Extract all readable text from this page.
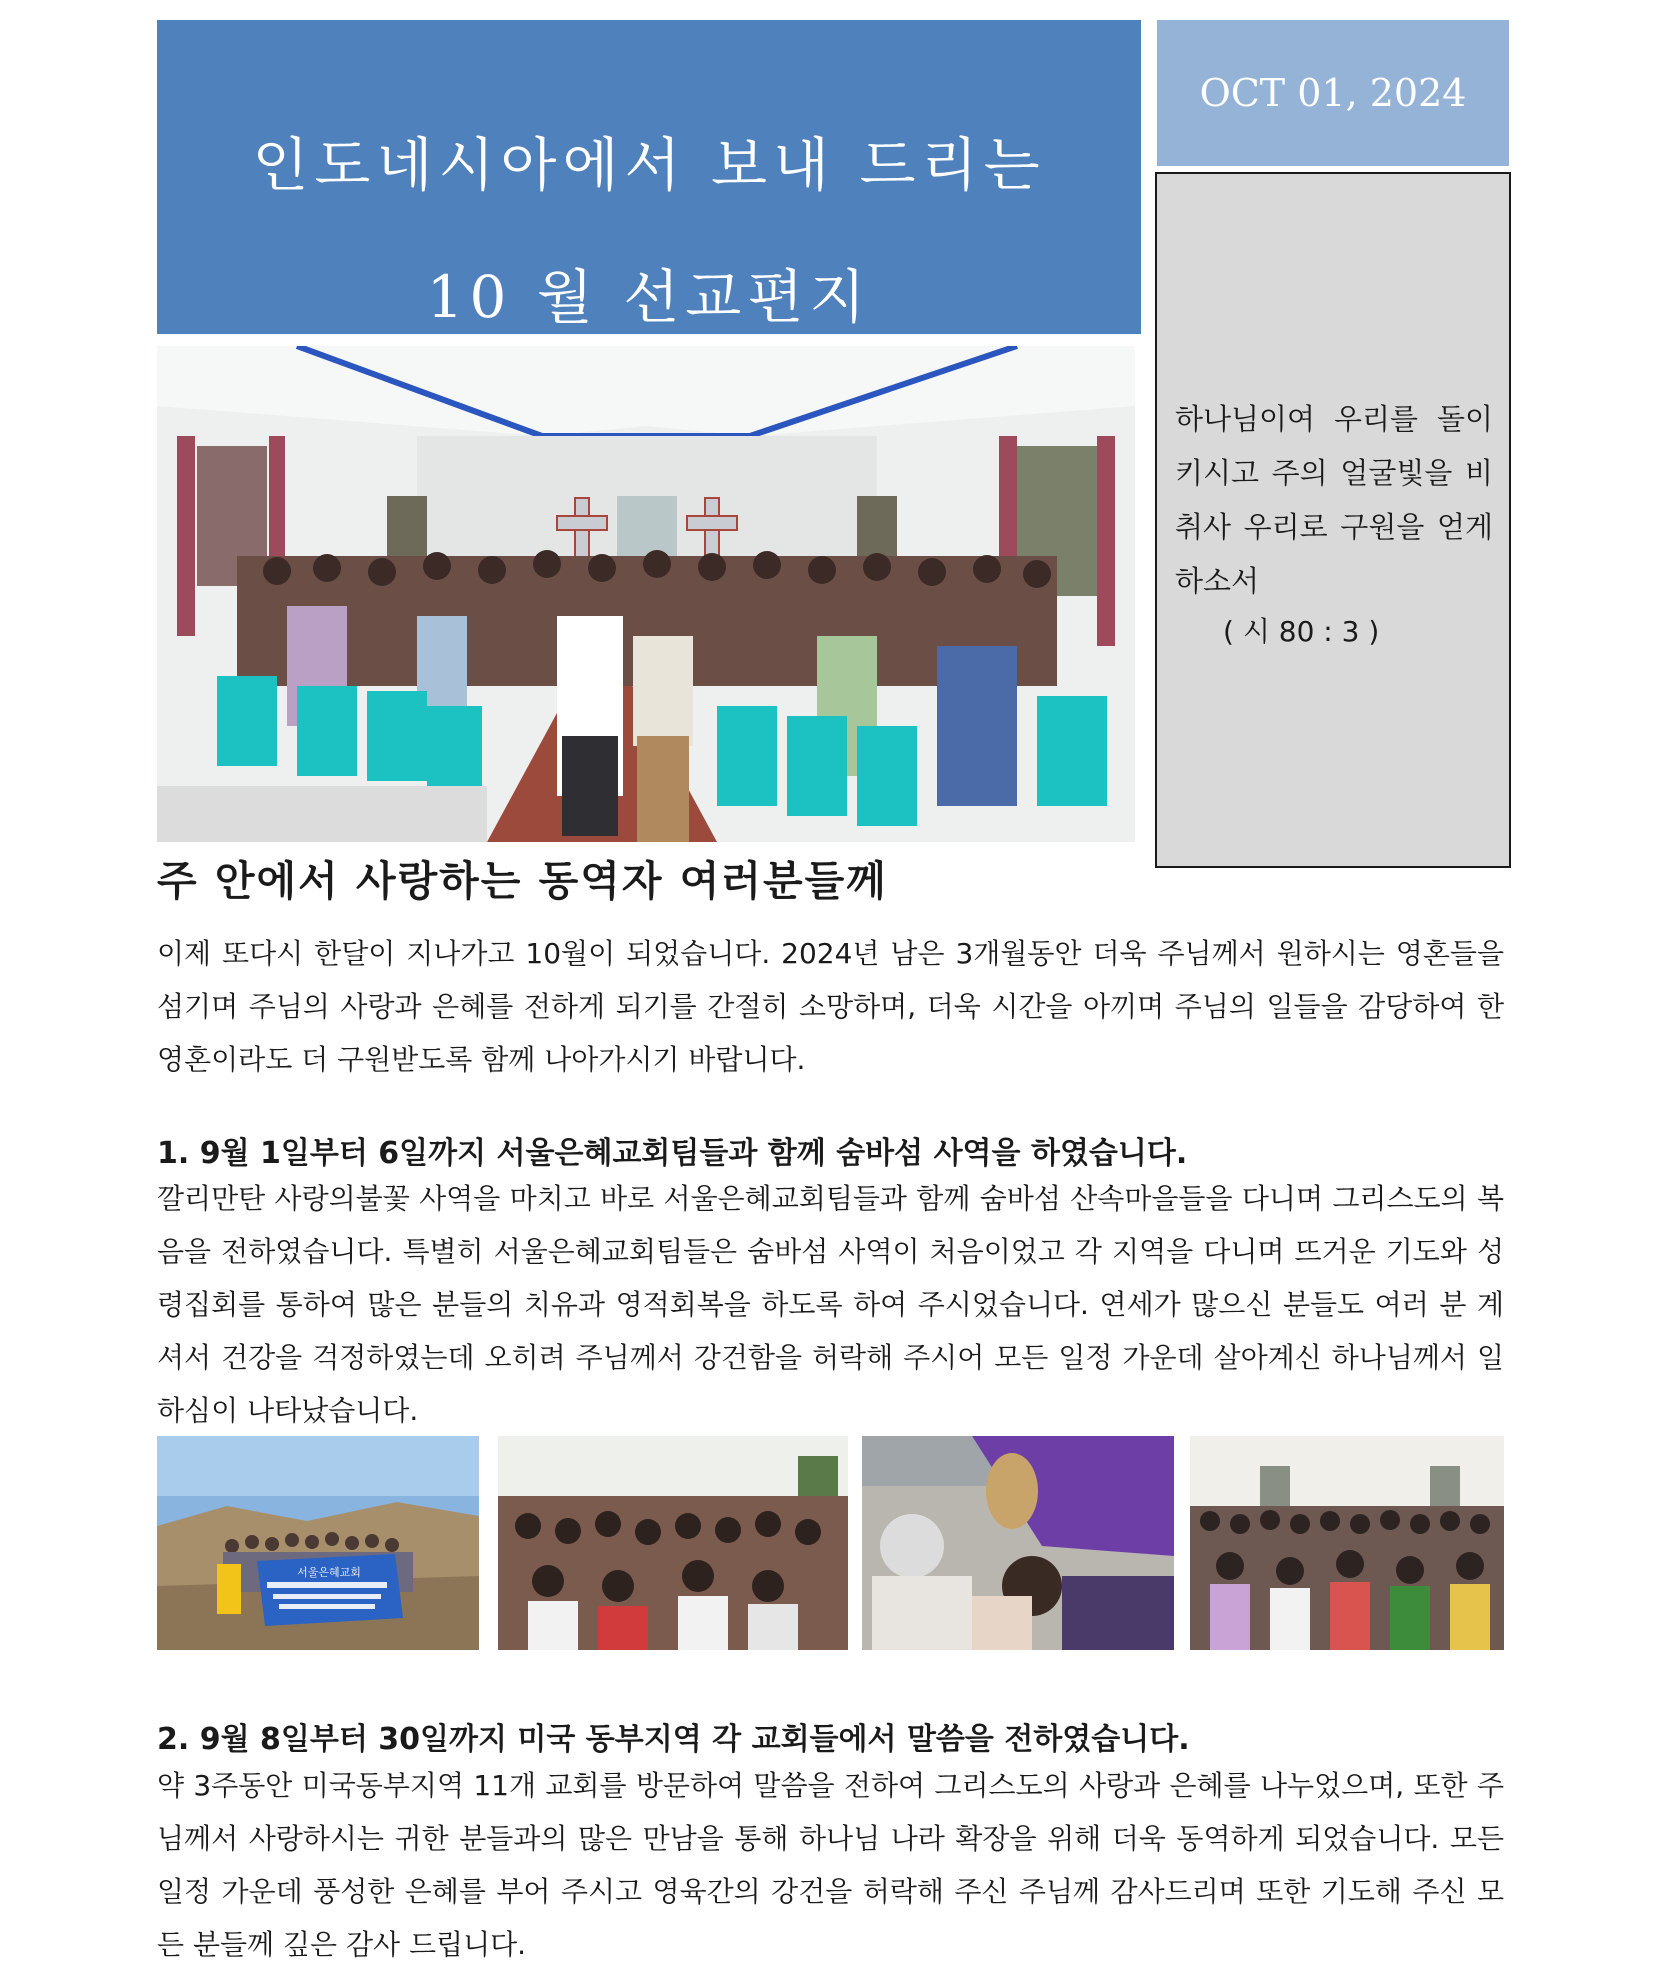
인도네시아에서 보내 드리는
10 월 선교편지
OCT 01, 2024
하나님이여 우리를 돌이키시고 주의 얼굴빛을 비취사 우리로 구원을 얻게 하소서
( 시 80 : 3 )
주 안에서 사랑하는 동역자 여러분들께
이제 또다시 한달이 지나가고 10월이 되었습니다. 2024년 남은 3개월동안 더욱 주님께서 원하시는 영혼들을 섬기며 주님의 사랑과 은혜를 전하게 되기를 간절히 소망하며, 더욱 시간을 아끼며 주님의 일들을 감당하여 한 영혼이라도 더 구원받도록 함께 나아가시기 바랍니다.
1. 9월 1일부터 6일까지 서울은혜교회팀들과 함께 숨바섬 사역을 하였습니다.
깔리만탄 사랑의불꽃 사역을 마치고 바로 서울은혜교회팀들과 함께 숨바섬 산속마을들을 다니며 그리스도의 복음을 전하였습니다. 특별히 서울은혜교회팀들은 숨바섬 사역이 처음이었고 각 지역을 다니며 뜨거운 기도와 성령집회를 통하여 많은 분들의 치유과 영적회복을 하도록 하여 주시었습니다. 연세가 많으신 분들도 여러 분 계셔서 건강을 걱정하였는데 오히려 주님께서 강건함을 허락해 주시어 모든 일정 가운데 살아계신 하나님께서 일하심이 나타났습니다.
서울은혜교회
2. 9월 8일부터 30일까지 미국 동부지역 각 교회들에서 말씀을 전하였습니다.
약 3주동안 미국동부지역 11개 교회를 방문하여 말씀을 전하여 그리스도의 사랑과 은혜를 나누었으며, 또한 주님께서 사랑하시는 귀한 분들과의 많은 만남을 통해 하나님 나라 확장을 위해 더욱 동역하게 되었습니다. 모든 일정 가운데 풍성한 은혜를 부어 주시고 영육간의 강건을 허락해 주신 주님께 감사드리며 또한 기도해 주신 모든 분들께 깊은 감사 드립니다.
